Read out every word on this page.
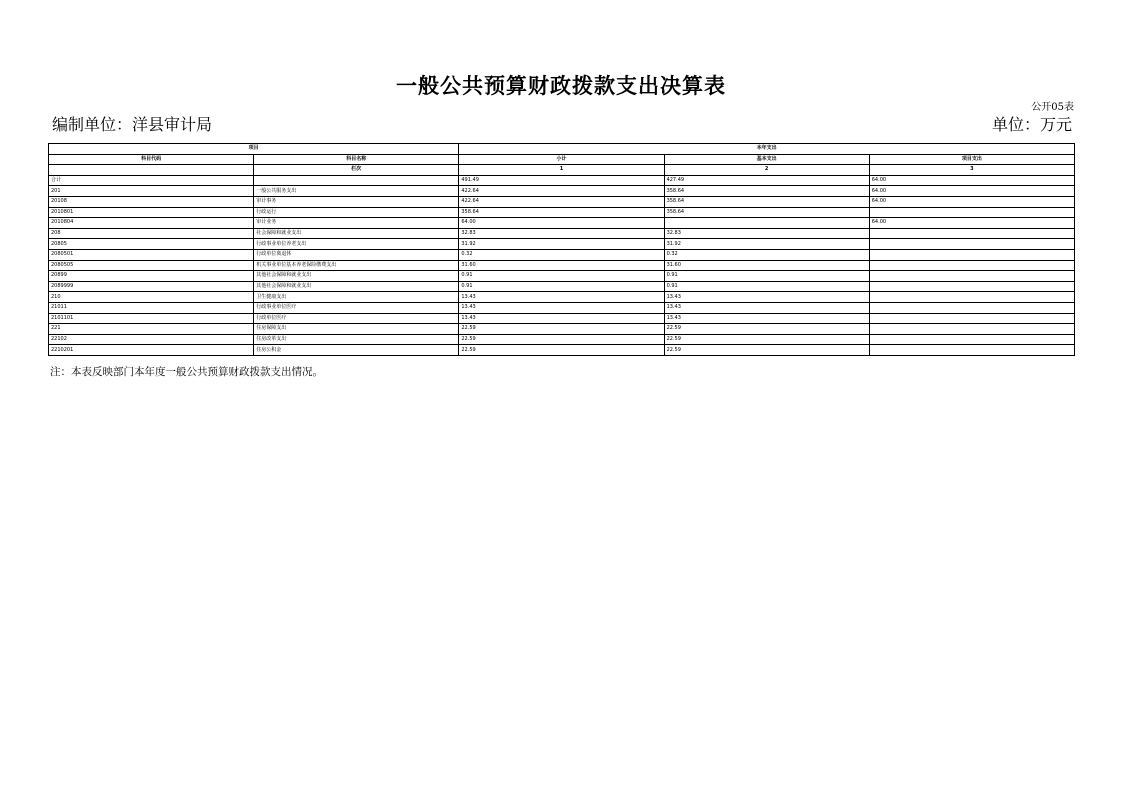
一般公共预算财政拨款支出决算表
公开05表
编制单位：洋县审计局	单位：万元
项目		本年支出		
科目代码	科目名称	小计	基本支出	项目支出
	栏次	1	2	3
合计		491.49	427.49	64.00
201	一般公共服务支出	422.64	358.64	64.00
20108	审计事务	422.64	358.64	64.00
2010801	行政运行	358.64	358.64	
2010804	审计业务	64.00		64.00
208	社会保障和就业支出	32.83	32.83	
20805	行政事业单位养老支出	31.92	31.92	
2080501	行政单位离退休	0.32	0.32	
2080505	机关事业单位基本养老保险缴费支出	31.60	31.60	
20899	其他社会保障和就业支出	0.91	0.91	
2089999	其他社会保障和就业支出	0.91	0.91	
210	卫生健康支出	13.43	13.43	
21011	行政事业单位医疗	13.43	13.43	
2101101	行政单位医疗	13.43	13.43	
221	住房保障支出	22.59	22.59	
22102	住房改革支出	22.59	22.59	
2210201	住房公积金	22.59	22.59	
注：本表反映部门本年度一般公共预算财政拨款支出情况。
